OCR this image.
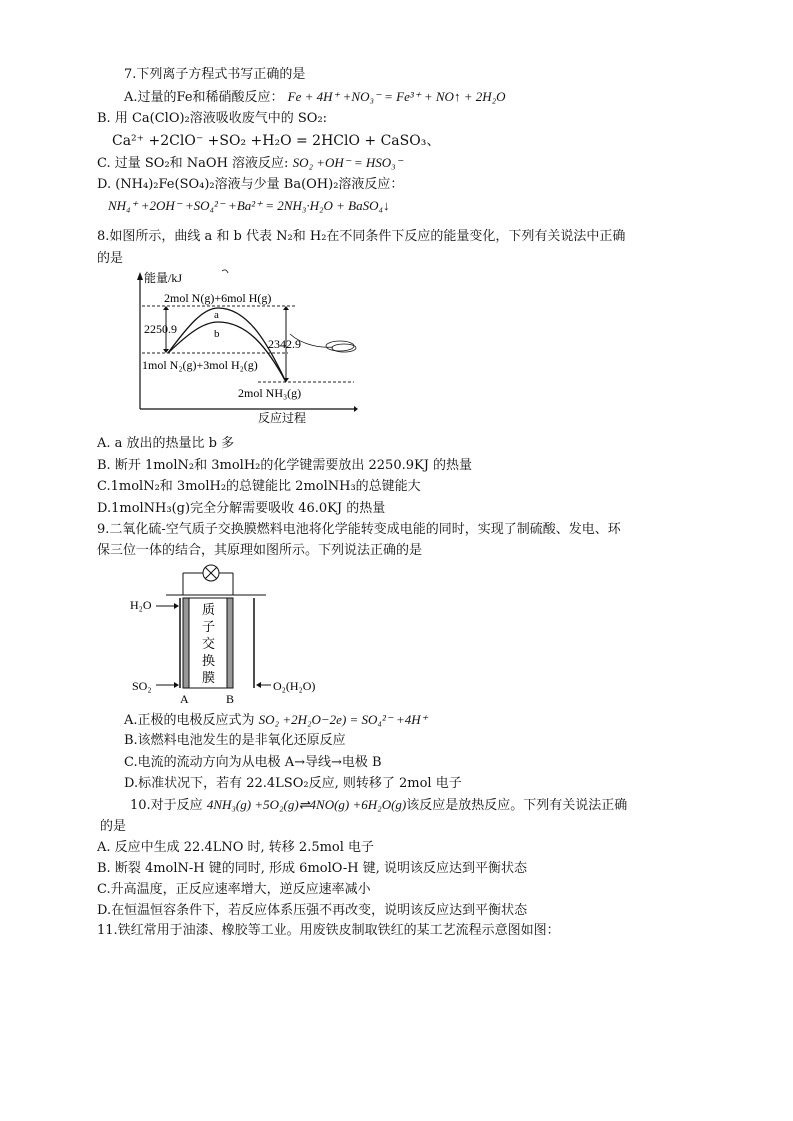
7.下列离子方程式书写正确的是
A.过量的Fe和稀硝酸反应： Fe + 4H⁺ +NO₃⁻ = Fe³⁺ + NO↑ + 2H₂O
B. 用 Ca(ClO)₂溶液吸收废气中的 SO₂:
Ca²⁺ +2ClO⁻ +SO₂ +H₂O = 2HClO + CaSO₃、
C. 过量 SO₂和 NaOH 溶液反应: SO₂ +OH⁻ = HSO₃⁻
D. (NH₄)₂Fe(SO₄)₂溶液与少量 Ba(OH)₂溶液反应：
NH₄⁺ +2OH⁻ +SO₄²⁻ +Ba²⁺ = 2NH₃·H₂O + BaSO₄↓
8.如图所示，曲线 a 和 b 代表 N₂和 H₂在不同条件下反应的能量变化，下列有关说法中正确
的是
能量/kJ
反应过程
2mol N(g)+6mol H(g)
a
b
2250.9
2342.9
1mol N₂(g)+3mol H₂(g)
2mol NH₃(g)
A. a 放出的热量比 b 多
B. 断开 1molN₂和 3molH₂的化学键需要放出 2250.9KJ 的热量
C.1molN₂和 3molH₂的总键能比 2molNH₃的总键能大
D.1molNH₃(g)完全分解需要吸收 46.0KJ 的热量
9.二氧化硫-空气质子交换膜燃料电池将化学能转变成电能的同时，实现了制硫酸、发电、环
保三位一体的结合，其原理如图所示。下列说法正确的是
质
子
交
换
膜
H₂O
SO₂	O₂(H₂O)
A	B
A.正极的电极反应式为 SO₂ +2H₂O−2e) = SO₄²⁻ +4H⁺
B.该燃料电池发生的是非氧化还原反应
C.电流的流动方向为从电极 A→导线→电极 B
D.标准状况下，若有 22.4LSO₂反应, 则转移了 2mol 电子
10.对于反应 4NH₃(g) +5O₂(g)⇌4NO(g) +6H₂O(g)该反应是放热反应。下列有关说法正确
的是
A. 反应中生成 22.4LNO 时, 转移 2.5mol 电子
B. 断裂 4molN-H 键的同时, 形成 6molO-H 键, 说明该反应达到平衡状态
C.升高温度，正反应速率增大，逆反应速率减小
D.在恒温恒容条件下，若反应体系压强不再改变，说明该反应达到平衡状态
11.铁红常用于油漆、橡胶等工业。用废铁皮制取铁红的某工艺流程示意图如图：
